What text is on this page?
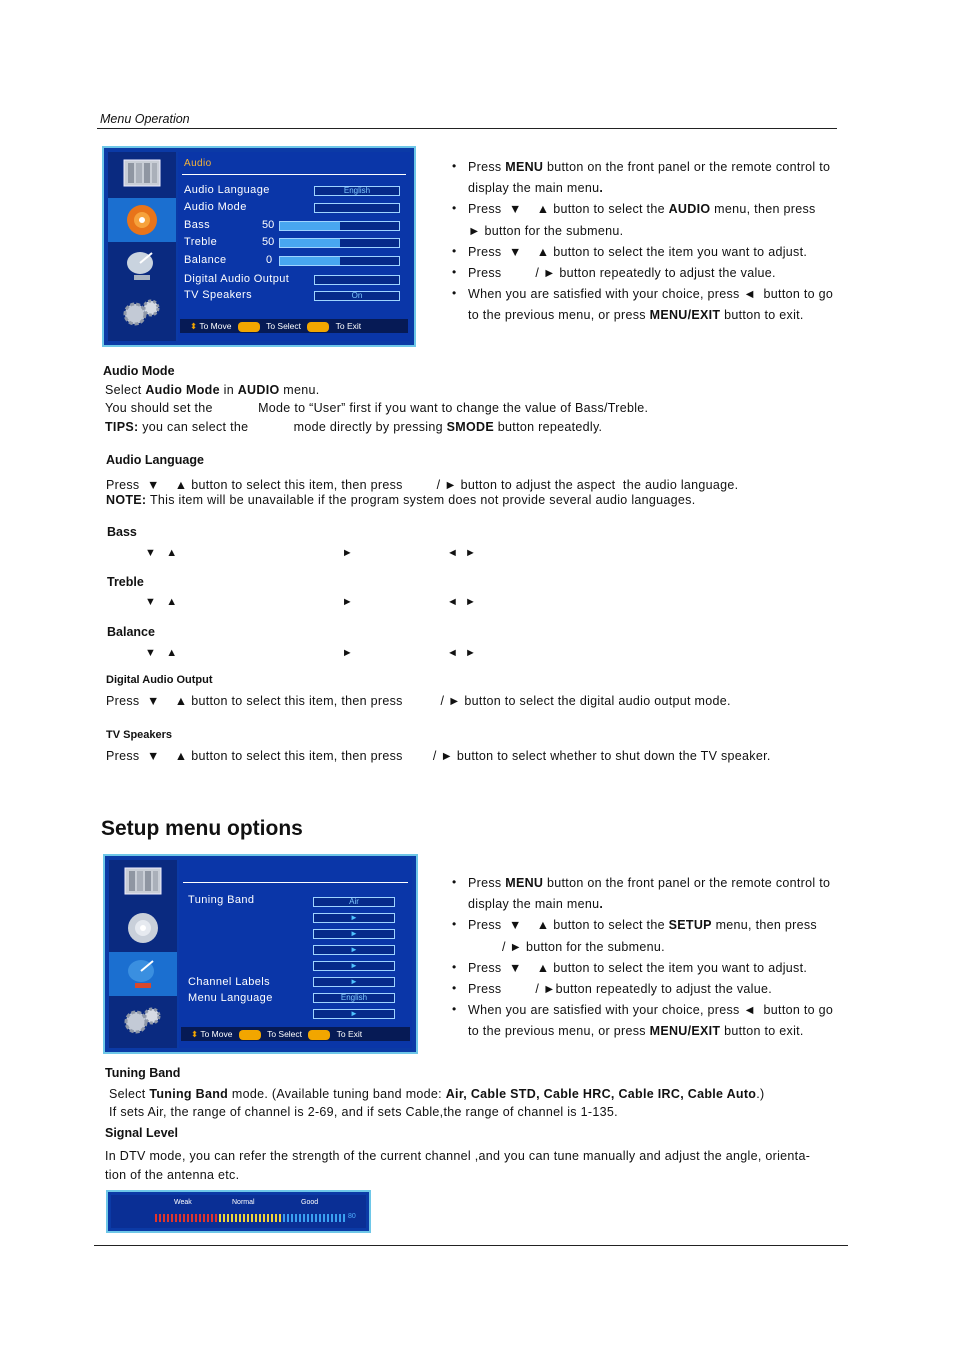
Menu Operation
Audio
Audio Language	English
Audio Mode
Bass	50
Treble	50
Balance	0
Digital Audio Output
TV Speakers	On
⬍ To Move	To Select	To Exit
Press MENU button on the front panel or the remote control to
•
display the main menu.
Press  ▼    ▲ button to select the AUDIO menu, then press
•
► button for the submenu.
Press  ▼    ▲ button to select the item you want to adjust.
•
Press         / ► button repeatedly to adjust the value.
•
When you are satisfied with your choice, press ◄  button to go
•
to the previous menu, or press MENU/EXIT button to exit.
Audio Mode
Select Audio Mode in AUDIO menu.
You should set the            Mode to “User” first if you want to change the value of Bass/Treble.
TIPS: you can select the            mode directly by pressing SMODE button repeatedly.
Audio Language
Press  ▼    ▲ button to select this item, then press         / ► button to adjust the aspect  the audio language.
NOTE: This item will be unavailable if the program system does not provide several audio languages.
Bass
▼   ▲                                                 ►                            ◄  ►
Treble
▼   ▲                                                 ►                            ◄  ►
Balance
▼   ▲                                                 ►                            ◄  ►
Digital Audio Output
Press  ▼    ▲ button to select this item, then press          / ► button to select the digital audio output mode.
TV Speakers
Press  ▼    ▲ button to select this item, then press        / ► button to select whether to shut down the TV speaker.
Setup menu options
Tuning Band	Air
►
►
►
►
Channel Labels	►
Menu Language	English
►
⬍ To Move	To Select	To Exit
Press MENU button on the front panel or the remote control to
•
display the main menu.
Press  ▼    ▲ button to select the SETUP menu, then press
•
/ ► button for the submenu.
Press  ▼    ▲ button to select the item you want to adjust.
•
Press         / ►button repeatedly to adjust the value.
•
When you are satisfied with your choice, press ◄  button to go
•
to the previous menu, or press MENU/EXIT button to exit.
Tuning Band
Select Tuning Band mode. (Available tuning band mode: Air, Cable STD, Cable HRC, Cable IRC, Cable Auto.)
If sets Air, the range of channel is 2-69, and if sets Cable,the range of channel is 1-135.
Signal Level
In DTV mode, you can refer the strength of the current channel ,and you can tune manually and adjust the angle, orienta-
tion of the antenna etc.
Weak	Normal	Good
80
